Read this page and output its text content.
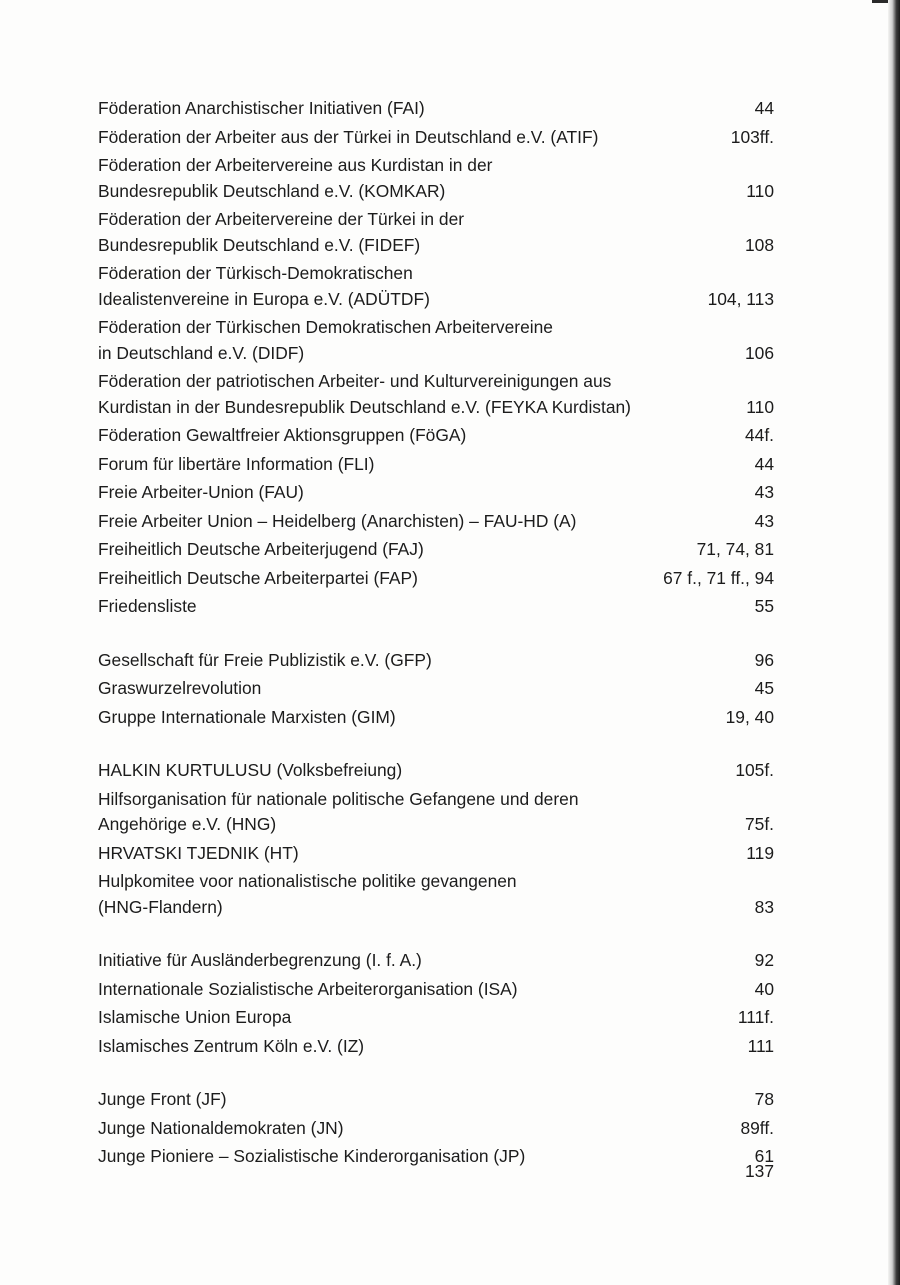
Föderation Anarchistischer Initiativen (FAI)	44
Föderation der Arbeiter aus der Türkei in Deutschland e.V. (ATIF)	103ff.
Föderation der Arbeitervereine aus Kurdistan in der
Bundesrepublik Deutschland e.V. (KOMKAR)	110
Föderation der Arbeitervereine der Türkei in der
Bundesrepublik Deutschland e.V. (FIDEF)	108
Föderation der Türkisch-Demokratischen
Idealistenvereine in Europa e.V. (ADÜTDF)	104, 113
Föderation der Türkischen Demokratischen Arbeitervereine
in Deutschland e.V. (DIDF)	106
Föderation der patriotischen Arbeiter- und Kulturvereinigungen aus
Kurdistan in der Bundesrepublik Deutschland e.V. (FEYKA Kurdistan)	110
Föderation Gewaltfreier Aktionsgruppen (FöGA)	44f.
Forum für libertäre Information (FLI)	44
Freie Arbeiter-Union (FAU)	43
Freie Arbeiter Union – Heidelberg (Anarchisten) – FAU-HD (A)	43
Freiheitlich Deutsche Arbeiterjugend (FAJ)	71, 74, 81
Freiheitlich Deutsche Arbeiterpartei (FAP)	67 f., 71 ff., 94
Friedensliste	55
Gesellschaft für Freie Publizistik e.V. (GFP)	96
Graswurzelrevolution	45
Gruppe Internationale Marxisten (GIM)	19, 40
HALKIN KURTULUSU (Volksbefreiung)	105f.
Hilfsorganisation für nationale politische Gefangene und deren
Angehörige e.V. (HNG)	75f.
HRVATSKI TJEDNIK (HT)	119
Hulpkomitee voor nationalistische politike gevangenen
(HNG-Flandern)	83
Initiative für Ausländerbegrenzung (I. f. A.)	92
Internationale Sozialistische Arbeiterorganisation (ISA)	40
Islamische Union Europa	111f.
Islamisches Zentrum Köln e.V. (IZ)	111
Junge Front (JF)	78
Junge Nationaldemokraten (JN)	89ff.
Junge Pioniere – Sozialistische Kinderorganisation (JP)	61
137
